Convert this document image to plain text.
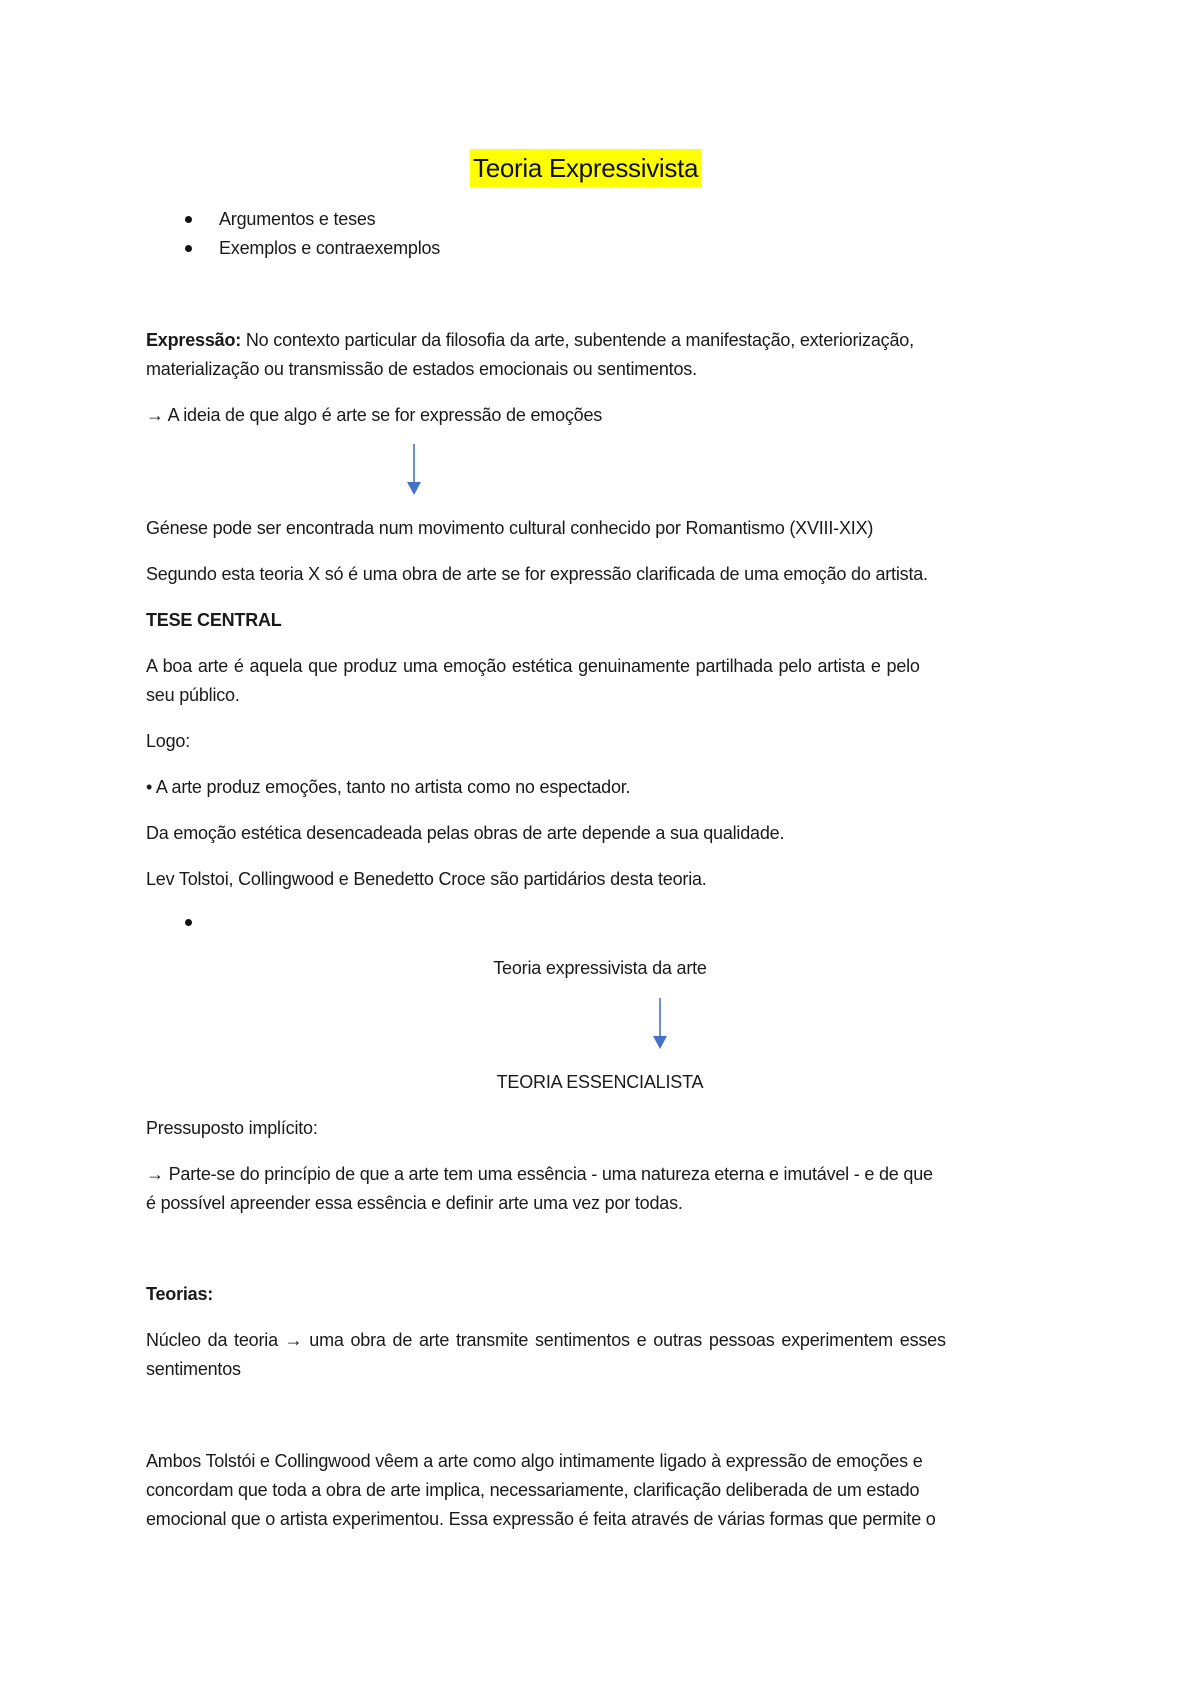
Teoria Expressivista
Argumentos e teses
Exemplos e contraexemplos
Expressão: No contexto particular da filosofia da arte, subentende a manifestação, exteriorização,
materialização ou transmissão de estados emocionais ou sentimentos.
→ A ideia de que algo é arte se for expressão de emoções
Génese pode ser encontrada num movimento cultural conhecido por Romantismo (XVIII-XIX)
Segundo esta teoria X só é uma obra de arte se for expressão clarificada de uma emoção do artista.
TESE CENTRAL
A boa arte é aquela que produz uma emoção estética genuinamente partilhada pelo artista e pelo
seu público.
Logo:
• A arte produz emoções, tanto no artista como no espectador.
Da emoção estética desencadeada pelas obras de arte depende a sua qualidade.
Lev Tolstoi, Collingwood e Benedetto Croce são partidários desta teoria.
Teoria expressivista da arte
TEORIA ESSENCIALISTA
Pressuposto implícito:
→ Parte-se do princípio de que a arte tem uma essência - uma natureza eterna e imutável - e de que
é possível apreender essa essência e definir arte uma vez por todas.
Teorias:
Núcleo da teoria → uma obra de arte transmite sentimentos e outras pessoas experimentem esses
sentimentos
Ambos Tolstói e Collingwood vêem a arte como algo intimamente ligado à expressão de emoções e
concordam que toda a obra de arte implica, necessariamente, clarificação deliberada de um estado
emocional que o artista experimentou. Essa expressão é feita através de várias formas que permite o
